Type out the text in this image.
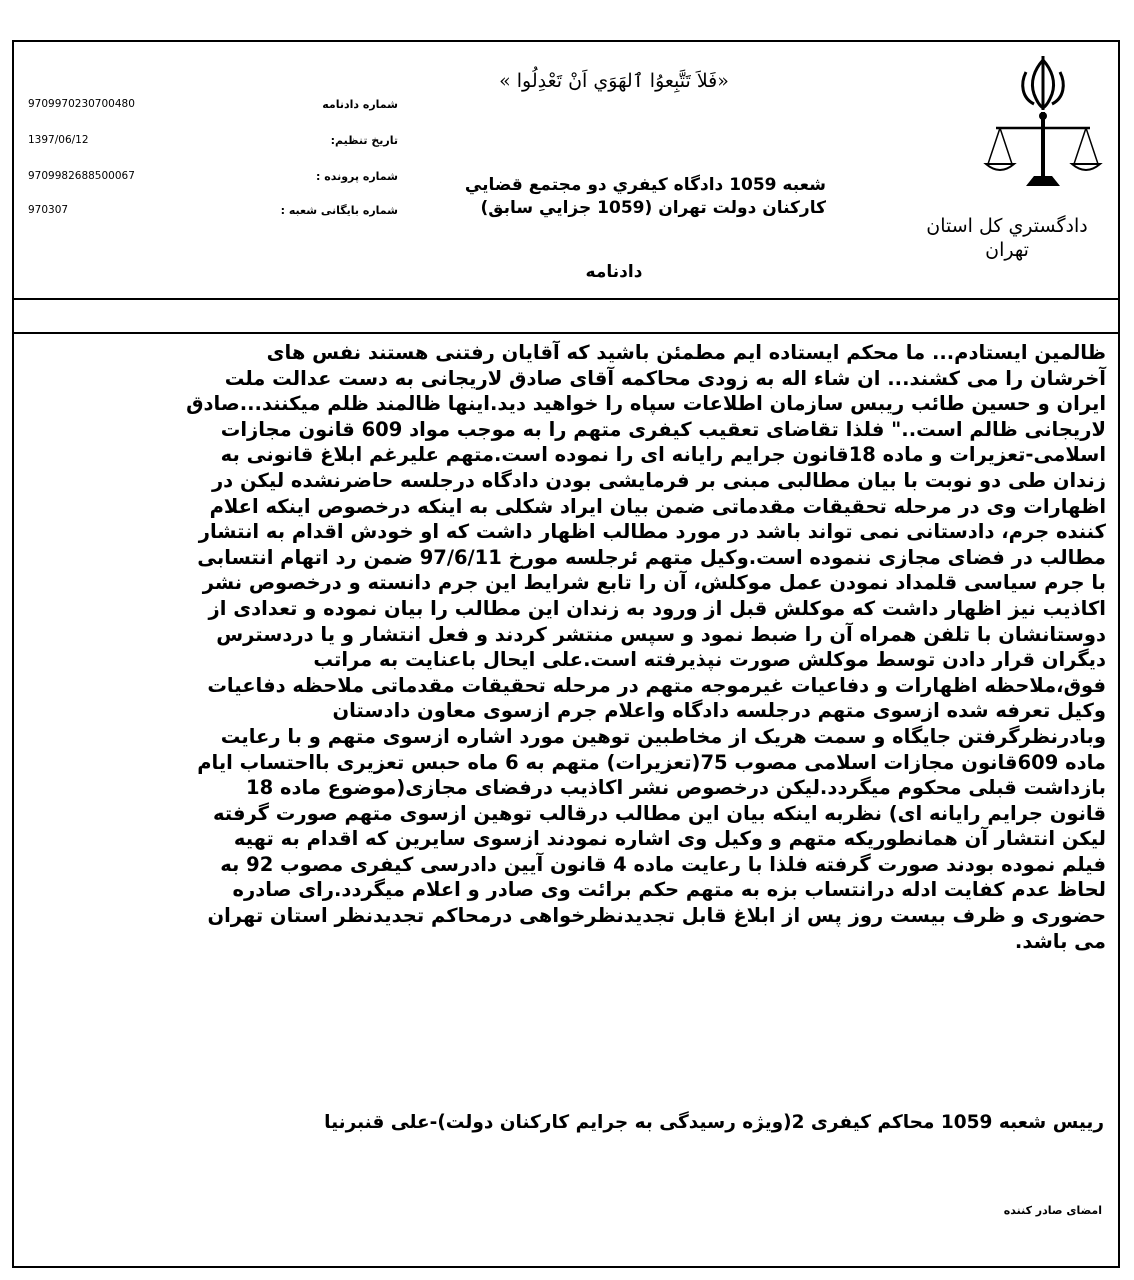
دادگستري كل استان تهران
«فَلاَ تَتَّبِعوُا ٱلهَوَي اَنْ تَعْدِلُوا »
شعبه 1059 دادگاه كيفري دو مجتمع قضايي
كاركنان دولت تهران (1059 جزايي سابق)
دادنامه
شماره دادنامه
9709970230700480
تاریخ تنظیم:
1397/06/12
شماره پرونده :
9709982688500067
شماره بایگانی شعبه :
970307
ظالمین ایستادم... ما محکم ایستاده ایم مطمئن باشید که آقایان رفتنی هستند نفس های
آخرشان را می کشند... ان شاء اله به زودی محاکمه آقای صادق لاریجانی به دست عدالت ملت
ایران و حسین طائب ریبس سازمان اطلاعات سپاه را خواهید دید.اینها ظالمند ظلم میکنند...صادق
لاریجانی ظالم است.." فلذا تقاضای تعقیب کیفری متهم را به موجب مواد 609 قانون مجازات
اسلامی-تعزیرات و ماده 18قانون جرایم رایانه ای را نموده است.متهم علیرغم ابلاغ قانونی به
زندان طی دو نوبت با بیان مطالبی مبنی بر فرمایشی بودن دادگاه درجلسه حاضرنشده لیکن در
اظهارات وی در مرحله تحقیقات مقدماتی ضمن بیان ایراد شکلی به اینکه درخصوص اینکه اعلام
کننده جرم، دادستانی نمی تواند باشد در مورد مطالب اظهار داشت که او خودش اقدام به انتشار
مطالب در فضای مجازی ننموده است.وکیل متهم ئرجلسه مورخ 97/6/11 ضمن رد اتهام انتسابی
با جرم سیاسی قلمداد نمودن عمل موکلش، آن را تابع شرایط این جرم دانسته و درخصوص نشر
اکاذیب نیز اظهار داشت که موکلش قبل از ورود به زندان این مطالب را بیان نموده و تعدادی از
دوستانشان با تلفن همراه آن را ضبط نمود و سپس منتشر کردند و فعل انتشار و یا دردسترس
دیگران قرار دادن توسط موکلش صورت نپذیرفته است.علی ایحال باعنایت به مراتب
فوق،ملاحظه اظهارات و دفاعیات غیرموجه متهم در مرحله تحقیقات مقدماتی ملاحظه دفاعیات
وکیل تعرفه شده ازسوی متهم درجلسه دادگاه واعلام جرم ازسوی معاون دادستان
وبادرنظرگرفتن جایگاه و سمت هریک از مخاطبین توهین مورد اشاره ازسوی متهم و با رعایت
ماده 609قانون مجازات اسلامی مصوب 75(تعزیرات) متهم به 6 ماه حبس تعزیری بااحتساب ایام
بازداشت قبلی محکوم میگردد.لیکن درخصوص نشر اکاذیب درفضای مجازی(موضوع ماده 18
قانون جرایم رایانه ای) نظربه اینکه بیان این مطالب درقالب توهین ازسوی متهم صورت گرفته
لیکن انتشار آن همانطوریکه متهم و وکیل وی اشاره نمودند ازسوی سایرین که اقدام به تهیه
فیلم نموده بودند صورت گرفته فلذا با رعایت ماده 4 قانون آیین دادرسی کیفری مصوب 92 به
لحاظ عدم کفایت ادله درانتساب بزه به متهم حکم برائت وی صادر و اعلام میگردد.رای صادره
حضوری و ظرف بیست روز پس از ابلاغ قابل تجدیدنظرخواهی درمحاکم تجدیدنظر استان تهران
می باشد.
رییس شعبه 1059 محاکم کیفری 2(ویژه رسیدگی به جرایم کارکنان دولت)-علی قنبرنیا
امضای صادر کننده
